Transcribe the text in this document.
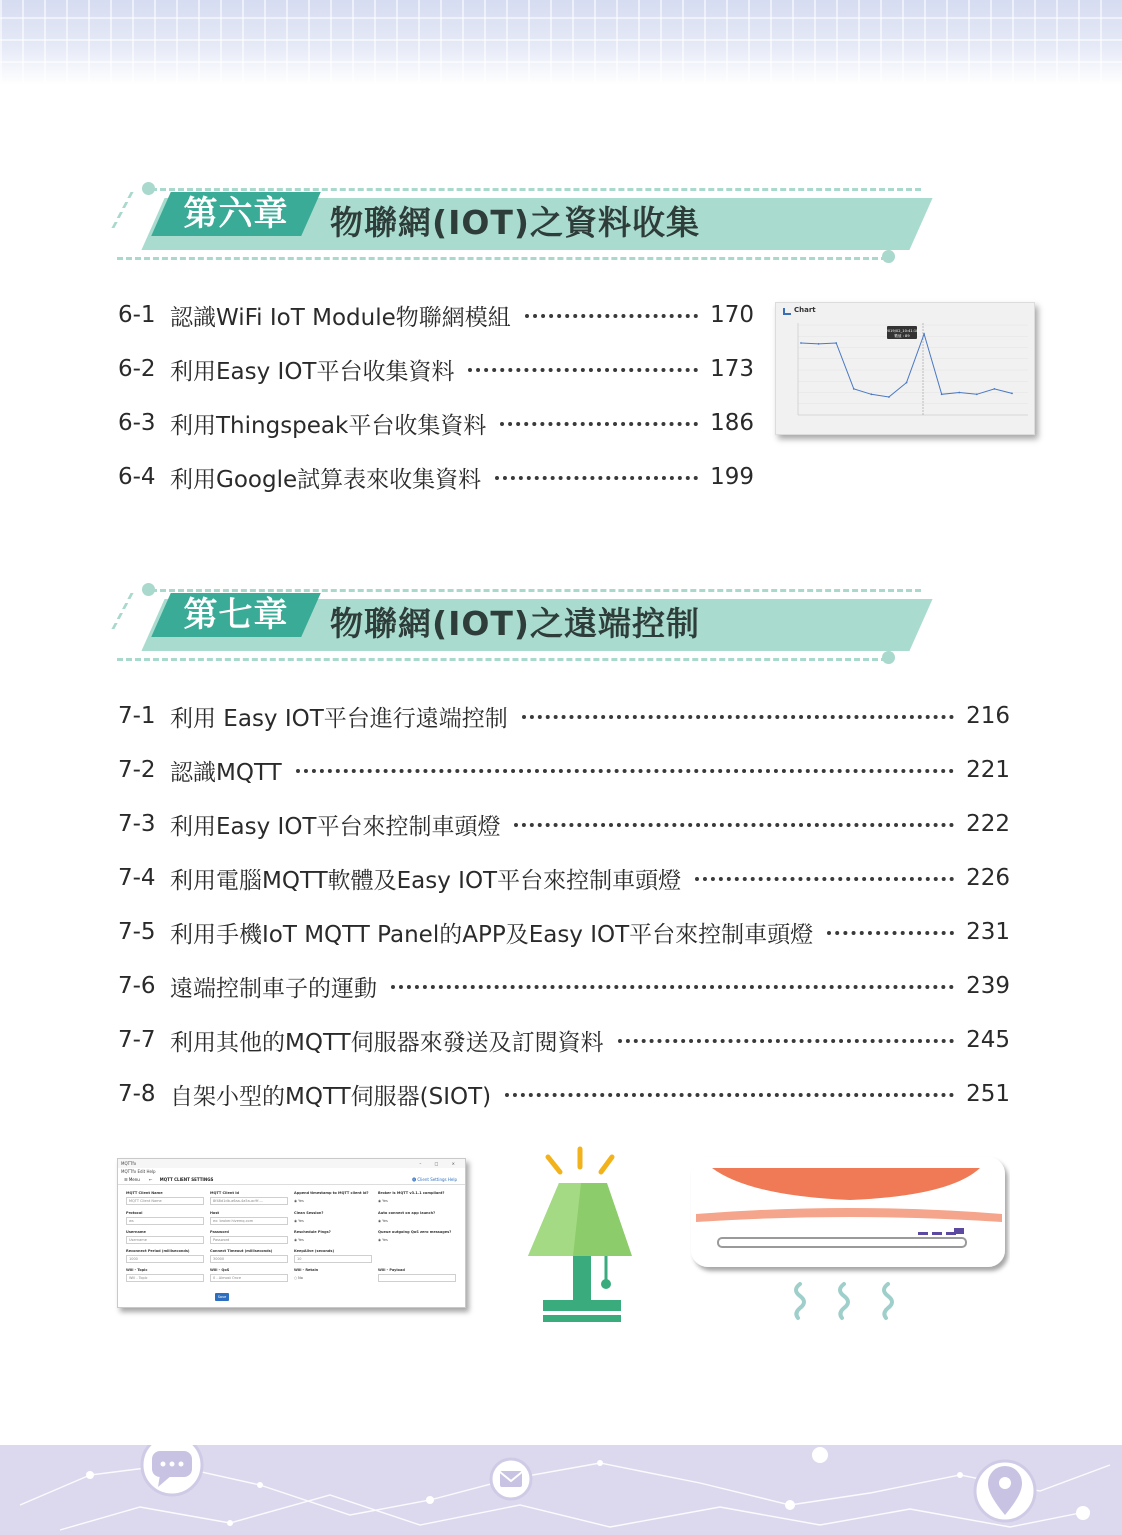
第六章	物聯網(IOT)之資料收集
6-1 認識WiFi IoT Module物聯網模組	170
6-2 利用Easy IOT平台收集資料	173
6-3 利用Thingspeak平台收集資料	186
6-4 利用Google試算表來收集資料	199
Chart
2019/02_10:41:18
數值 : 89
第七章	物聯網(IOT)之遠端控制
7-1 利用 Easy IOT平台進行遠端控制	216
7-2 認識MQTT	221
7-3 利用Easy IOT平台來控制車頭燈	222
7-4 利用電腦MQTT軟體及Easy IOT平台來控制車頭燈	226
7-5 利用手機IoT MQTT Panel的APP及Easy IOT平台來控制車頭燈	231
7-6 遠端控制車子的運動	239
7-7 利用其他的MQTT伺服器來發送及訂閱資料	245
7-8 自架小型的MQTT伺服器(SIOT)	251
MQTTfx	– □ ×
MQTTfx Edit Help
☰ Menu ← MQTT CLIENT SETTINGS	⓿ Client Settings Help
MQTT Client Name
MQTT Client Name
MQTT Client Id
8f48d1db-a6aa-4a5a-ac9f-...
Append timestamp to MQTT client id?
◉ Yes
Broker is MQTT v3.1.1 compliant?
◉ Yes
Protocol
ws
Host
ex: broker.hivemq.com
Clean Session?
◉ Yes
Auto connect on app launch?
◉ Yes
Username
Username
Password
Password
Reschedule Pings?
◉ Yes
Queue outgoing QoS zero messages?
◉ Yes
Reconnect Period (milliseconds)
1000
Connect Timeout (milliseconds)
30000
KeepAlive (seconds)
10
Will - Topic
Will - Topic
Will - QoS
0 - Almost Once
Will - Retain
○ No
Will - Payload
Save
